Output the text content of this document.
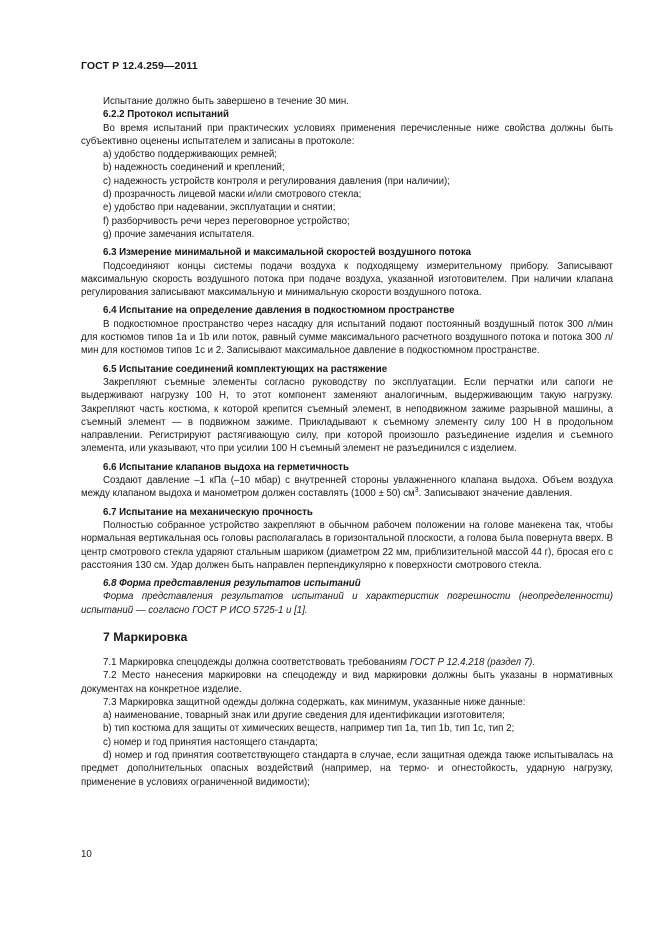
ГОСТ Р 12.4.259—2011

Испытание должно быть завершено в течение 30 мин.

6.2.2 Протокол испытаний

Во время испытаний при практических условиях применения перечисленные ниже свойства должны быть субъективно оценены испытателем и записаны в протоколе:

a) удобство поддерживающих ремней;

b) надежность соединений и креплений;

c) надежность устройств контроля и регулирования давления (при наличии);

d) прозрачность лицевой маски и/или смотрового стекла;

e) удобство при надевании, эксплуатации и снятии;

f) разборчивость речи через переговорное устройство;

g) прочие замечания испытателя.

6.3 Измерение минимальной и максимальной скоростей воздушного потока

Подсоединяют концы системы подачи воздуха к подходящему измерительному прибору. Записывают максимальную скорость воздушного потока при подаче воздуха, указанной изготовителем. При наличии клапана регулирования записывают максимальную и минимальную скорости воздушного потока.

6.4 Испытание на определение давления в подкостюмном пространстве

В подкостюмное пространство через насадку для испытаний подают постоянный воздушный поток 300 л/мин для костюмов типов 1a и 1b или поток, равный сумме максимального расчетного воздушного потока и потока 300 л/мин для костюмов типов 1c и 2. Записывают максимальное давление в подкостюмном пространстве.

6.5 Испытание соединений комплектующих на растяжение

Закрепляют съемные элементы согласно руководству по эксплуатации. Если перчатки или сапоги не выдерживают нагрузку 100 Н, то этот компонент заменяют аналогичным, выдерживающим такую нагрузку. Закрепляют часть костюма, к которой крепится съемный элемент, в неподвижном зажиме разрывной машины, а съемный элемент — в подвижном зажиме. Прикладывают к съемному элементу силу 100 Н в продольном направлении. Регистрируют растягивающую силу, при которой произошло разъединение изделия и съемного элемента, или указывают, что при усилии 100 Н съемный элемент не разъединился с изделием.

6.6 Испытание клапанов выдоха на герметичность

Создают давление –1 кПа (–10 мбар) с внутренней стороны увлажненного клапана выдоха. Объем воздуха между клапаном выдоха и манометром должен составлять (1000 ± 50) $см^3$. Записывают значение давления.

6.7 Испытание на механическую прочность

Полностью собранное устройство закрепляют в обычном рабочем положении на голове манекена так, чтобы нормальная вертикальная ось головы располагалась в горизонтальной плоскости, а голова была повернута вверх. В центр смотрового стекла ударяют стальным шариком (диаметром 22 мм, приблизительной массой 44 г), бросая его с расстояния 130 см. Удар должен быть направлен перпендикулярно к поверхности смотрового стекла.

6.8 Форма представления результатов испытаний

Форма представления результатов испытаний и характеристик погрешности (неопределенности) испытаний — согласно ГОСТ Р ИСО 5725-1 и [1].

7 Маркировка

7.1 Маркировка спецодежды должна соответствовать требованиям ГОСТ Р 12.4.218 (раздел 7).

7.2 Место нанесения маркировки на спецодежду и вид маркировки должны быть указаны в нормативных документах на конкретное изделие.

7.3 Маркировка защитной одежды должна содержать, как минимум, указанные ниже данные:

a) наименование, товарный знак или другие сведения для идентификации изготовителя;

b) тип костюма для защиты от химических веществ, например тип 1a, тип 1b, тип 1c, тип 2;

c) номер и год принятия настоящего стандарта;

d) номер и год принятия соответствующего стандарта в случае, если защитная одежда также испытывалась на предмет дополнительных опасных воздействий (например, на термо- и огнестойкость, ударную нагрузку, применение в условиях ограниченной видимости);

10
